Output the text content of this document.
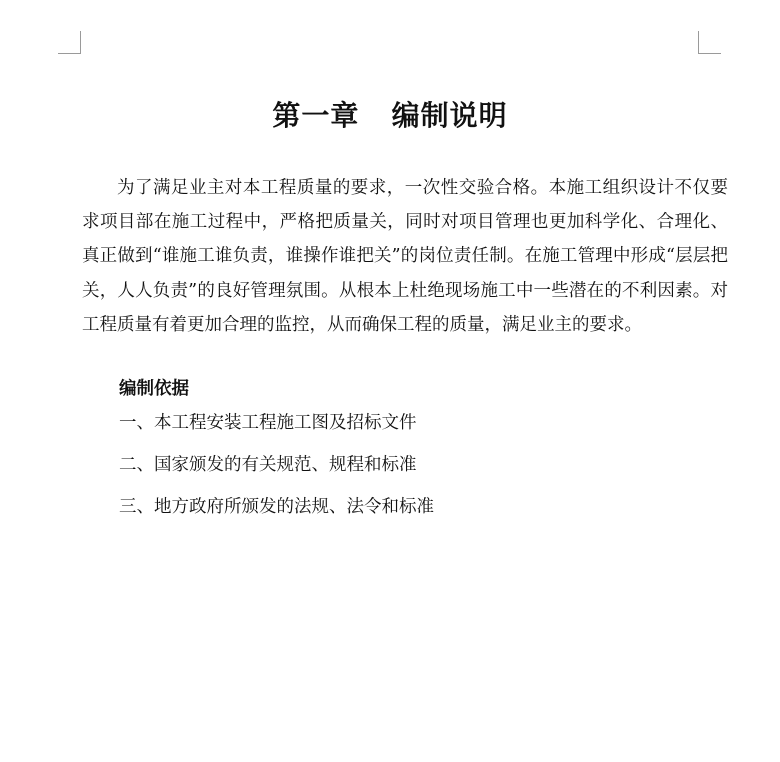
第一章   编制说明

为了满足业主对本工程质量的要求，一次性交验合格。本施工组织设计不仅要求项目部在施工过程中，严格把质量关，同时对项目管理也更加科学化、合理化、真正做到“谁施工谁负责，谁操作谁把关”的岗位责任制。在施工管理中形成“层层把关，人人负责”的良好管理氛围。从根本上杜绝现场施工中一些潜在的不利因素。对工程质量有着更加合理的监控，从而确保工程的质量，满足业主的要求。

编制依据
一、本工程安装工程施工图及招标文件
二、国家颁发的有关规范、规程和标准
三、地方政府所颁发的法规、法令和标准
